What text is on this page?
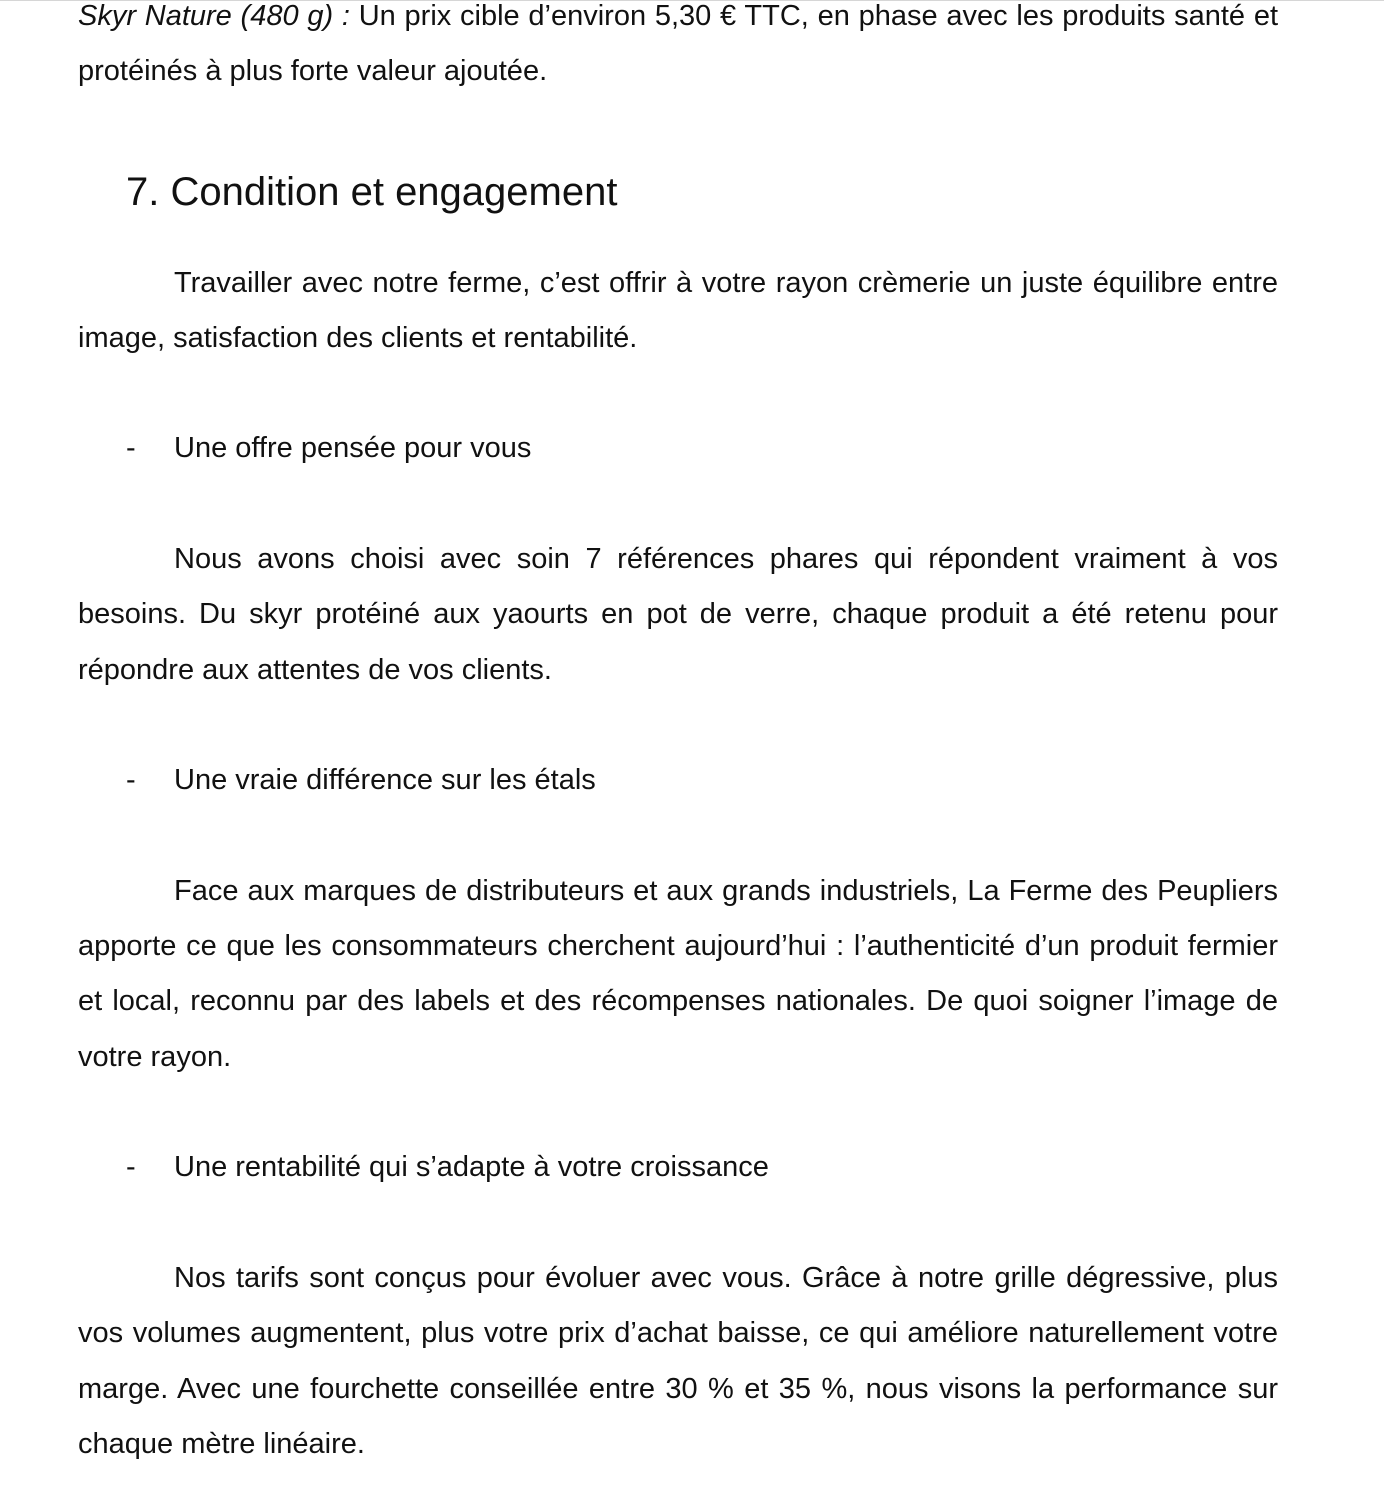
Skyr Nature (480 g) : Un prix cible d’environ 5,30 € TTC, en phase avec les produits santé et protéinés à plus forte valeur ajoutée.

7. Condition et engagement

Travailler avec notre ferme, c’est offrir à votre rayon crèmerie un juste équilibre entre image, satisfaction des clients et rentabilité.

- Une offre pensée pour vous

Nous avons choisi avec soin 7 références phares qui répondent vraiment à vos besoins. Du skyr protéiné aux yaourts en pot de verre, chaque produit a été retenu pour répondre aux attentes de vos clients.

- Une vraie différence sur les étals

Face aux marques de distributeurs et aux grands industriels, La Ferme des Peupliers apporte ce que les consommateurs cherchent aujourd’hui : l’authenticité d’un produit fermier et local, reconnu par des labels et des récompenses nationales. De quoi soigner l’image de votre rayon.

- Une rentabilité qui s’adapte à votre croissance

Nos tarifs sont conçus pour évoluer avec vous. Grâce à notre grille dégressive, plus vos volumes augmentent, plus votre prix d’achat baisse, ce qui améliore naturellement votre marge. Avec une fourchette conseillée entre 30 % et 35 %, nous visons la performance sur chaque mètre linéaire.
